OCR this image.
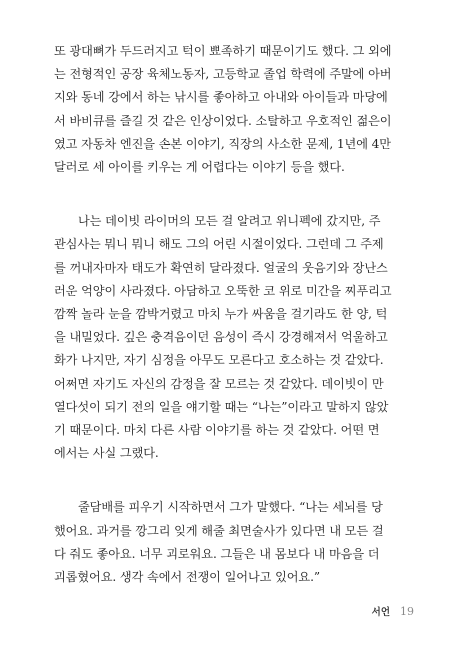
또 광대뼈가 두드러지고 턱이 뾰족하기 때문이기도 했다. 그 외에
는 전형적인 공장 육체노동자, 고등학교 졸업 학력에 주말에 아버
지와 동네 강에서 하는 낚시를 좋아하고 아내와 아이들과 마당에
서 바비큐를 즐길 것 같은 인상이었다. 소탈하고 우호적인 젊은이
였고 자동차 엔진을 손본 이야기, 직장의 사소한 문제, 1년에 4만
달러로 세 아이를 키우는 게 어렵다는 이야기 등을 했다.

나는 데이빗 라이머의 모든 걸 알려고 위니펙에 갔지만, 주
관심사는 뭐니 뭐니 해도 그의 어린 시절이었다. 그런데 그 주제
를 꺼내자마자 태도가 확연히 달라졌다. 얼굴의 웃음기와 장난스
러운 억양이 사라졌다. 아담하고 오뚝한 코 위로 미간을 찌푸리고
깜짝 놀라 눈을 깜박거렸고 마치 누가 싸움을 걸기라도 한 양, 턱
을 내밀었다. 깊은 충격음이던 음성이 즉시 강경해져서 억울하고
화가 나지만, 자기 심정을 아무도 모른다고 호소하는 것 같았다.
어쩌면 자기도 자신의 감정을 잘 모르는 것 같았다. 데이빗이 만
열다섯이 되기 전의 일을 얘기할 때는 “나는”이라고 말하지 않았
기 때문이다. 마치 다른 사람 이야기를 하는 것 같았다. 어떤 면
에서는 사실 그랬다.

줄담배를 피우기 시작하면서 그가 말했다. “나는 세뇌를 당
했어요. 과거를 깡그리 잊게 해줄 최면술사가 있다면 내 모든 걸
다 줘도 좋아요. 너무 괴로워요. 그들은 내 몸보다 내 마음을 더
괴롭혔어요. 생각 속에서 전쟁이 일어나고 있어요.”

서언 19
